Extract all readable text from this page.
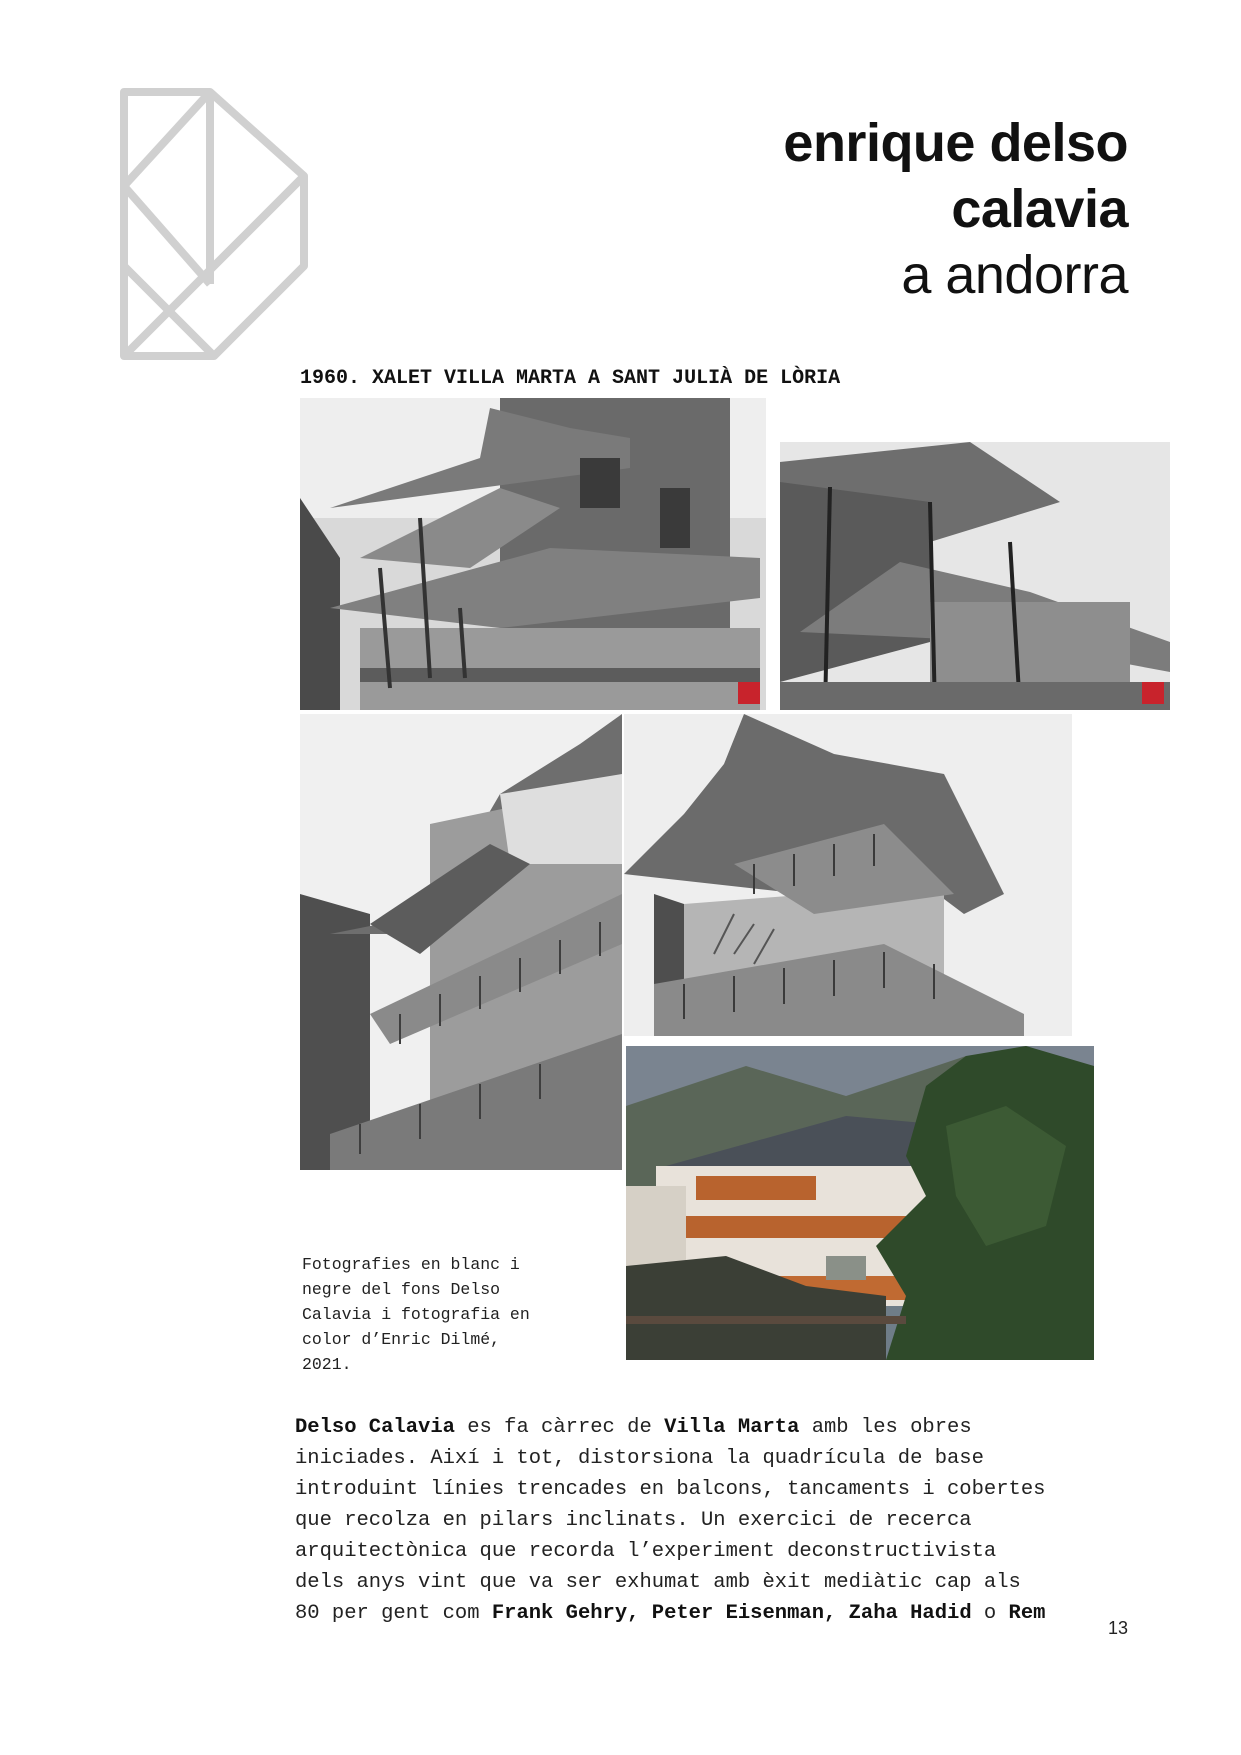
enrique delso
calavia
a andorra
1960. XALET VILLA MARTA A SANT JULIÀ DE LÒRIA
Fotografies en blanc i
negre del fons Delso
Calavia i fotografia en
color d’Enric Dilmé,
2021.
Delso Calavia es fa càrrec de Villa Marta amb les obres
iniciades. Així i tot, distorsiona la quadrícula de base
introduint línies trencades en balcons, tancaments i cobertes
que recolza en pilars inclinats. Un exercici de recerca
arquitectònica que recorda l’experiment deconstructivista
dels anys vint que va ser exhumat amb èxit mediàtic cap als
80 per gent com Frank Gehry, Peter Eisenman, Zaha Hadid o Rem
13
